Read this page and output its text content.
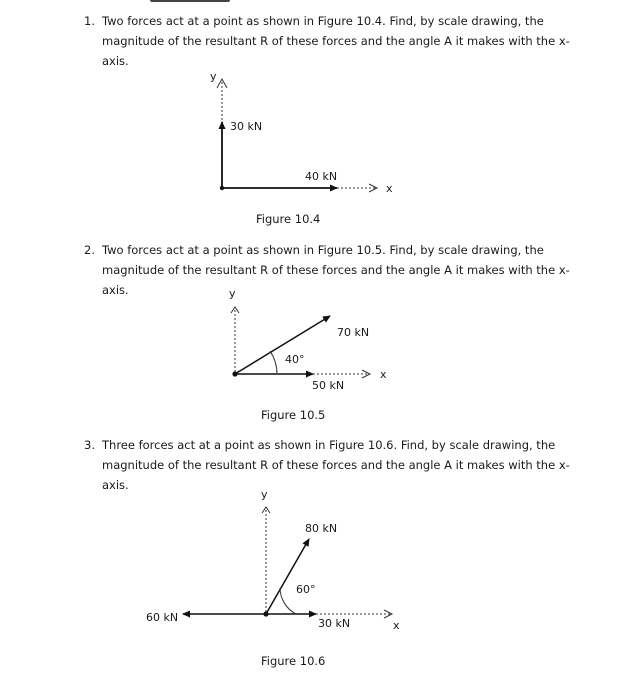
1. Two forces act at a point as shown in Figure 10.4. Find, by scale drawing, the
magnitude of the resultant R of these forces and the angle A it makes with the x-
axis.
y
30 kN
40 kN
x
y
70 kN
50 kN
x
40°
y
80 kN
60 kN	30 kN	x
60°
Figure 10.4
2. Two forces act at a point as shown in Figure 10.5. Find, by scale drawing, the
magnitude of the resultant R of these forces and the angle A it makes with the x-
axis.
Figure 10.5
3. Three forces act at a point as shown in Figure 10.6. Find, by scale drawing, the
magnitude of the resultant R of these forces and the angle A it makes with the x-
axis.
Figure 10.6
